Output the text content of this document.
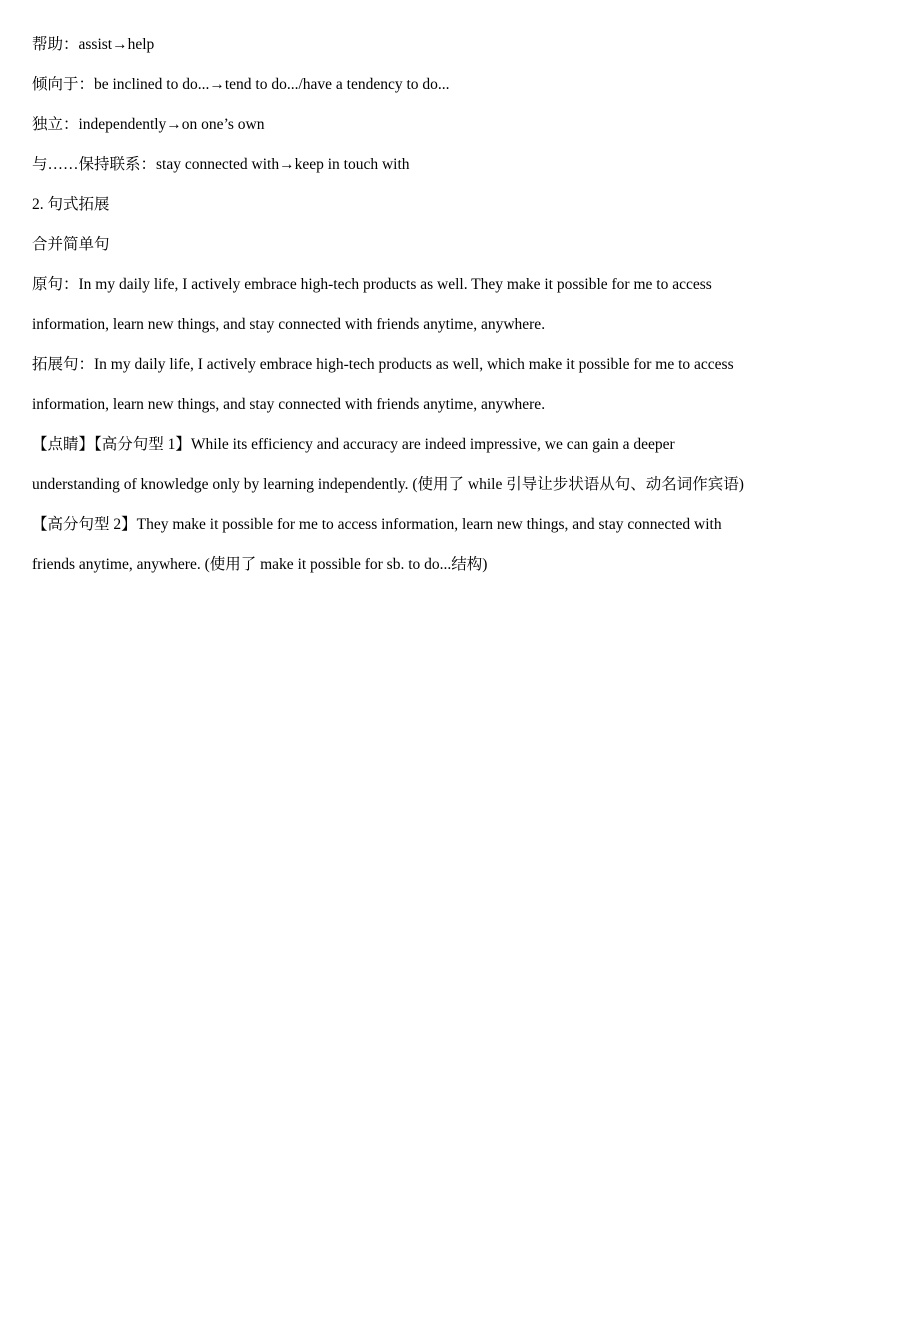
帮助：assist→help
倾向于：be inclined to do...→tend to do.../have a tendency to do...
独立：independently→on one’s own
与……保持联系：stay connected with→keep in touch with
2. 句式拓展
合并简单句
原句：In my daily life, I actively embrace high-tech products as well. They make it possible for me to access
information, learn new things, and stay connected with friends anytime, anywhere.
拓展句：In my daily life, I actively embrace high-tech products as well, which make it possible for me to access
information, learn new things, and stay connected with friends anytime, anywhere.
【点睛】【高分句型 1】While its efficiency and accuracy are indeed impressive, we can gain a deeper
understanding of knowledge only by learning independently. (使用了 while 引导让步状语从句、动名词作宾语)
【高分句型 2】They make it possible for me to access information, learn new things, and stay connected with
friends anytime, anywhere. (使用了 make it possible for sb. to do...结构)
